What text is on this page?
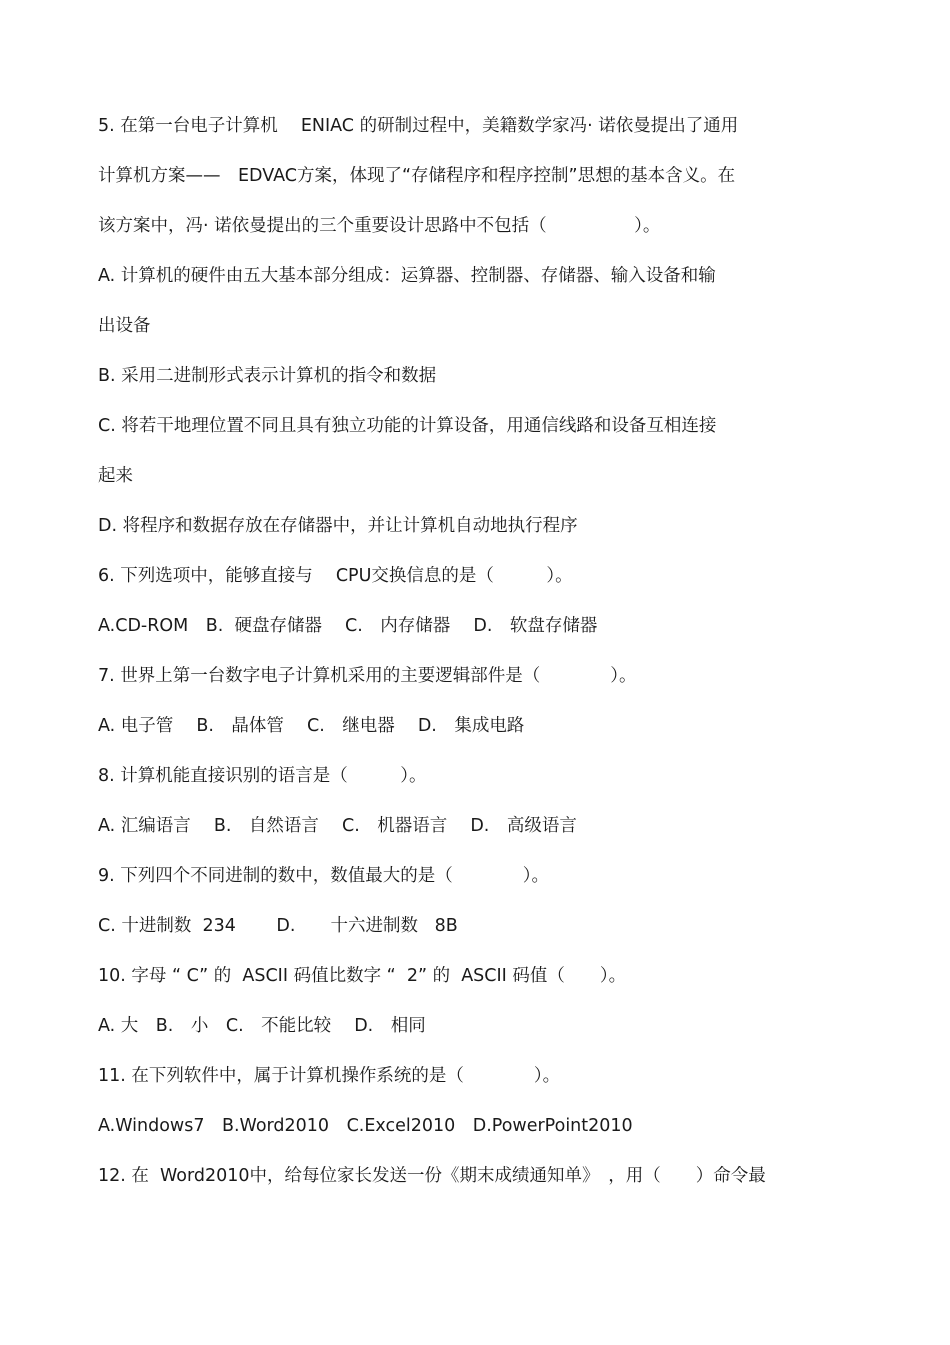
5. 在第一台电子计算机　 ENIAC 的研制过程中，美籍数学家冯· 诺依曼提出了通用
计算机方案——　EDVAC方案，体现了“存储程序和程序控制”思想的基本含义。在
该方案中，冯· 诺依曼提出的三个重要设计思路中不包括（　　　　　）。
A. 计算机的硬件由五大基本部分组成：运算器、控制器、存储器、输入设备和输
出设备
B. 采用二进制形式表示计算机的指令和数据
C. 将若干地理位置不同且具有独立功能的计算设备，用通信线路和设备互相连接
起来
D. 将程序和数据存放在存储器中，并让计算机自动地执行程序
6. 下列选项中，能够直接与　 CPU交换信息的是（　　　）。
A.CD-ROM　B.  硬盘存储器　 C.　内存储器　 D.　软盘存储器
7. 世界上第一台数字电子计算机采用的主要逻辑部件是（　　　　）。
A. 电子管　 B.　晶体管　 C.　继电器　 D.　集成电路
8. 计算机能直接识别的语言是（　　　）。
A. 汇编语言　 B.　自然语言　 C.　机器语言　 D.　高级语言
9. 下列四个不同进制的数中，数值最大的是（　　　　）。
C. 十进制数  234　　 D.　　十六进制数   8B
10. 字母 “ C” 的  ASCII 码值比数字 “  2” 的  ASCII 码值（　　）。
A. 大　B.　小　C.　不能比较　 D.　相同
11. 在下列软件中，属于计算机操作系统的是（　　　　）。
A.Windows7　B.Word2010　C.Excel2010　D.PowerPoint2010
12. 在  Word2010中，给每位家长发送一份《期末成绩通知单》　，用（　　）命令最
